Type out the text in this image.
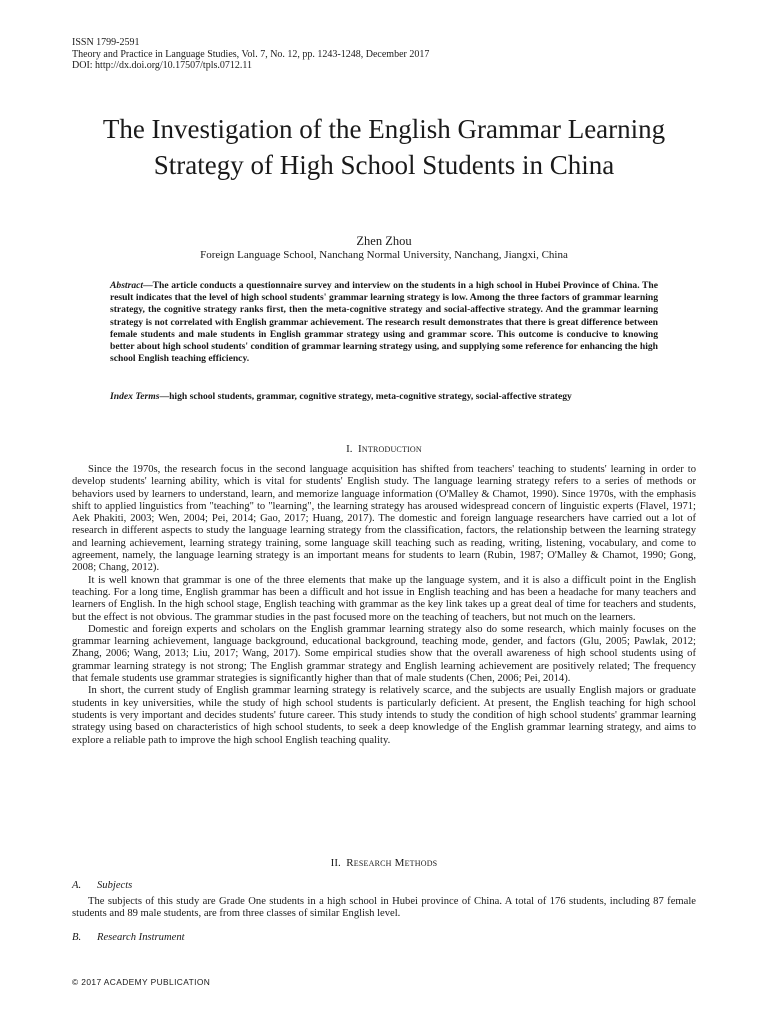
ISSN 1799-2591
Theory and Practice in Language Studies, Vol. 7, No. 12, pp. 1243-1248, December 2017
DOI: http://dx.doi.org/10.17507/tpls.0712.11
The Investigation of the English Grammar Learning Strategy of High School Students in China
Zhen Zhou
Foreign Language School, Nanchang Normal University, Nanchang, Jiangxi, China

Abstract—The article conducts a questionnaire survey and interview on the students in a high school in Hubei Province of China. The result indicates that the level of high school students' grammar learning strategy is low. Among the three factors of grammar learning strategy, the cognitive strategy ranks first, then the meta-cognitive strategy and social-affective strategy. And the grammar learning strategy is not correlated with English grammar achievement. The research result demonstrates that there is great difference between female students and male students in English grammar strategy using and grammar score. This outcome is conducive to knowing better about high school students' condition of grammar learning strategy using, and supplying some reference for enhancing the high school English teaching efficiency.

Index Terms—high school students, grammar, cognitive strategy, meta-cognitive strategy, social-affective strategy

I. Introduction

Since the 1970s, the research focus in the second language acquisition has shifted from teachers' teaching to students' learning in order to develop students' learning ability, which is vital for students' English study. The language learning strategy refers to a series of methods or behaviors used by learners to understand, learn, and memorize language information (O'Malley & Chamot, 1990). Since 1970s, with the emphasis shift to applied linguistics from "teaching" to "learning", the learning strategy has aroused widespread concern of linguistic experts (Flavel, 1971; Aek Phakiti, 2003; Wen, 2004; Pei, 2014; Gao, 2017; Huang, 2017). The domestic and foreign language researchers have carried out a lot of research in different aspects to study the language learning strategy from the classification, factors, the relationship between the learning strategy and learning achievement, learning strategy training, some language skill teaching such as reading, writing, listening, vocabulary, and come to agreement, namely, the language learning strategy is an important means for students to learn (Rubin, 1987; O'Malley & Chamot, 1990; Gong, 2008; Chang, 2012).

It is well known that grammar is one of the three elements that make up the language system, and it is also a difficult point in the English teaching. For a long time, English grammar has been a difficult and hot issue in English teaching and has been a headache for many teachers and learners of English. In the high school stage, English teaching with grammar as the key link takes up a great deal of time for teachers and students, but the effect is not obvious. The grammar studies in the past focused more on the teaching of teachers, but not much on the learners.

Domestic and foreign experts and scholars on the English grammar learning strategy also do some research, which mainly focuses on the grammar learning achievement, language background, educational background, teaching mode, gender, and factors (Glu, 2005; Pawlak, 2012; Zhang, 2006; Wang, 2013; Liu, 2017; Wang, 2017). Some empirical studies show that the overall awareness of high school students using of grammar learning strategy is not strong; The English grammar strategy and English learning achievement are positively related; The frequency that female students use grammar strategies is significantly higher than that of male students (Chen, 2006; Pei, 2014).

In short, the current study of English grammar learning strategy is relatively scarce, and the subjects are usually English majors or graduate students in key universities, while the study of high school students is particularly deficient. At present, the English teaching for high school students is very important and decides students' future career. This study intends to study the condition of high school students' grammar learning strategy using based on characteristics of high school students, to seek a deep knowledge of the English grammar learning strategy, and aims to explore a reliable path to improve the high school English teaching quality.

II. Research Methods
A. Subjects

The subjects of this study are Grade One students in a high school in Hubei province of China. A total of 176 students, including 87 female students and 89 male students, are from three classes of similar English level.

B. Research Instrument
© 2017 ACADEMY PUBLICATION
